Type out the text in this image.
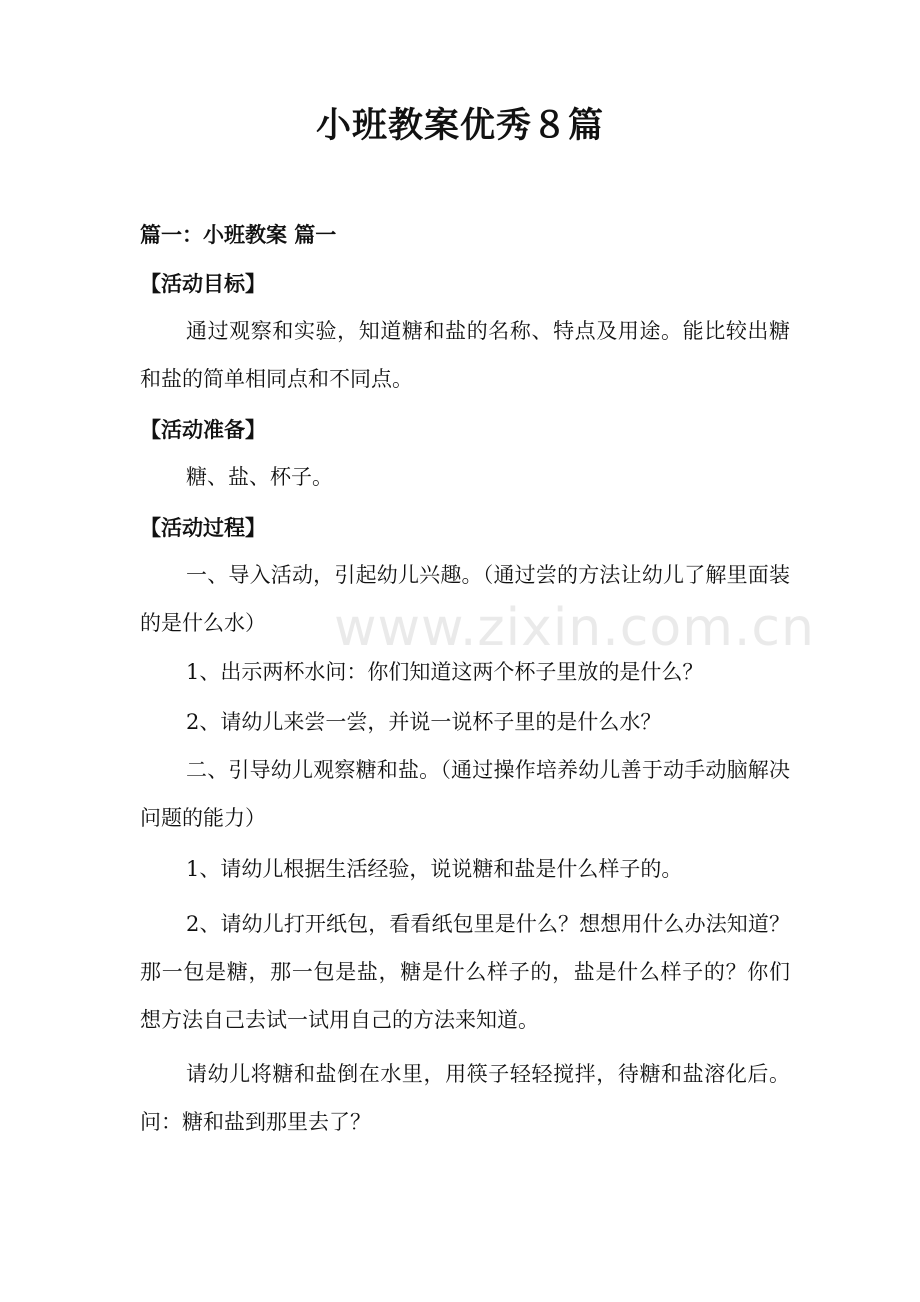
小班教案优秀８篇
篇一：小班教案 篇一
【活动目标】

通过观察和实验，知道糖和盐的名称、特点及用途。能比较出糖和盐的简单相同点和不同点。

【活动准备】

糖、盐、杯子。

【活动过程】

一、导入活动，引起幼儿兴趣。（通过尝的方法让幼儿了解里面装的是什么水）

1、出示两杯水问：你们知道这两个杯子里放的是什么？

2、请幼儿来尝一尝，并说一说杯子里的是什么水？

二、引导幼儿观察糖和盐。（通过操作培养幼儿善于动手动脑解决问题的能力）

1、请幼儿根据生活经验，说说糖和盐是什么样子的。

2、请幼儿打开纸包，看看纸包里是什么？想想用什么办法知道？那一包是糖，那一包是盐，糖是什么样子的，盐是什么样子的？你们想方法自己去试一试用自己的方法来知道。

请幼儿将糖和盐倒在水里，用筷子轻轻搅拌，待糖和盐溶化后。问：糖和盐到那里去了？

www.zixin.com.cn
